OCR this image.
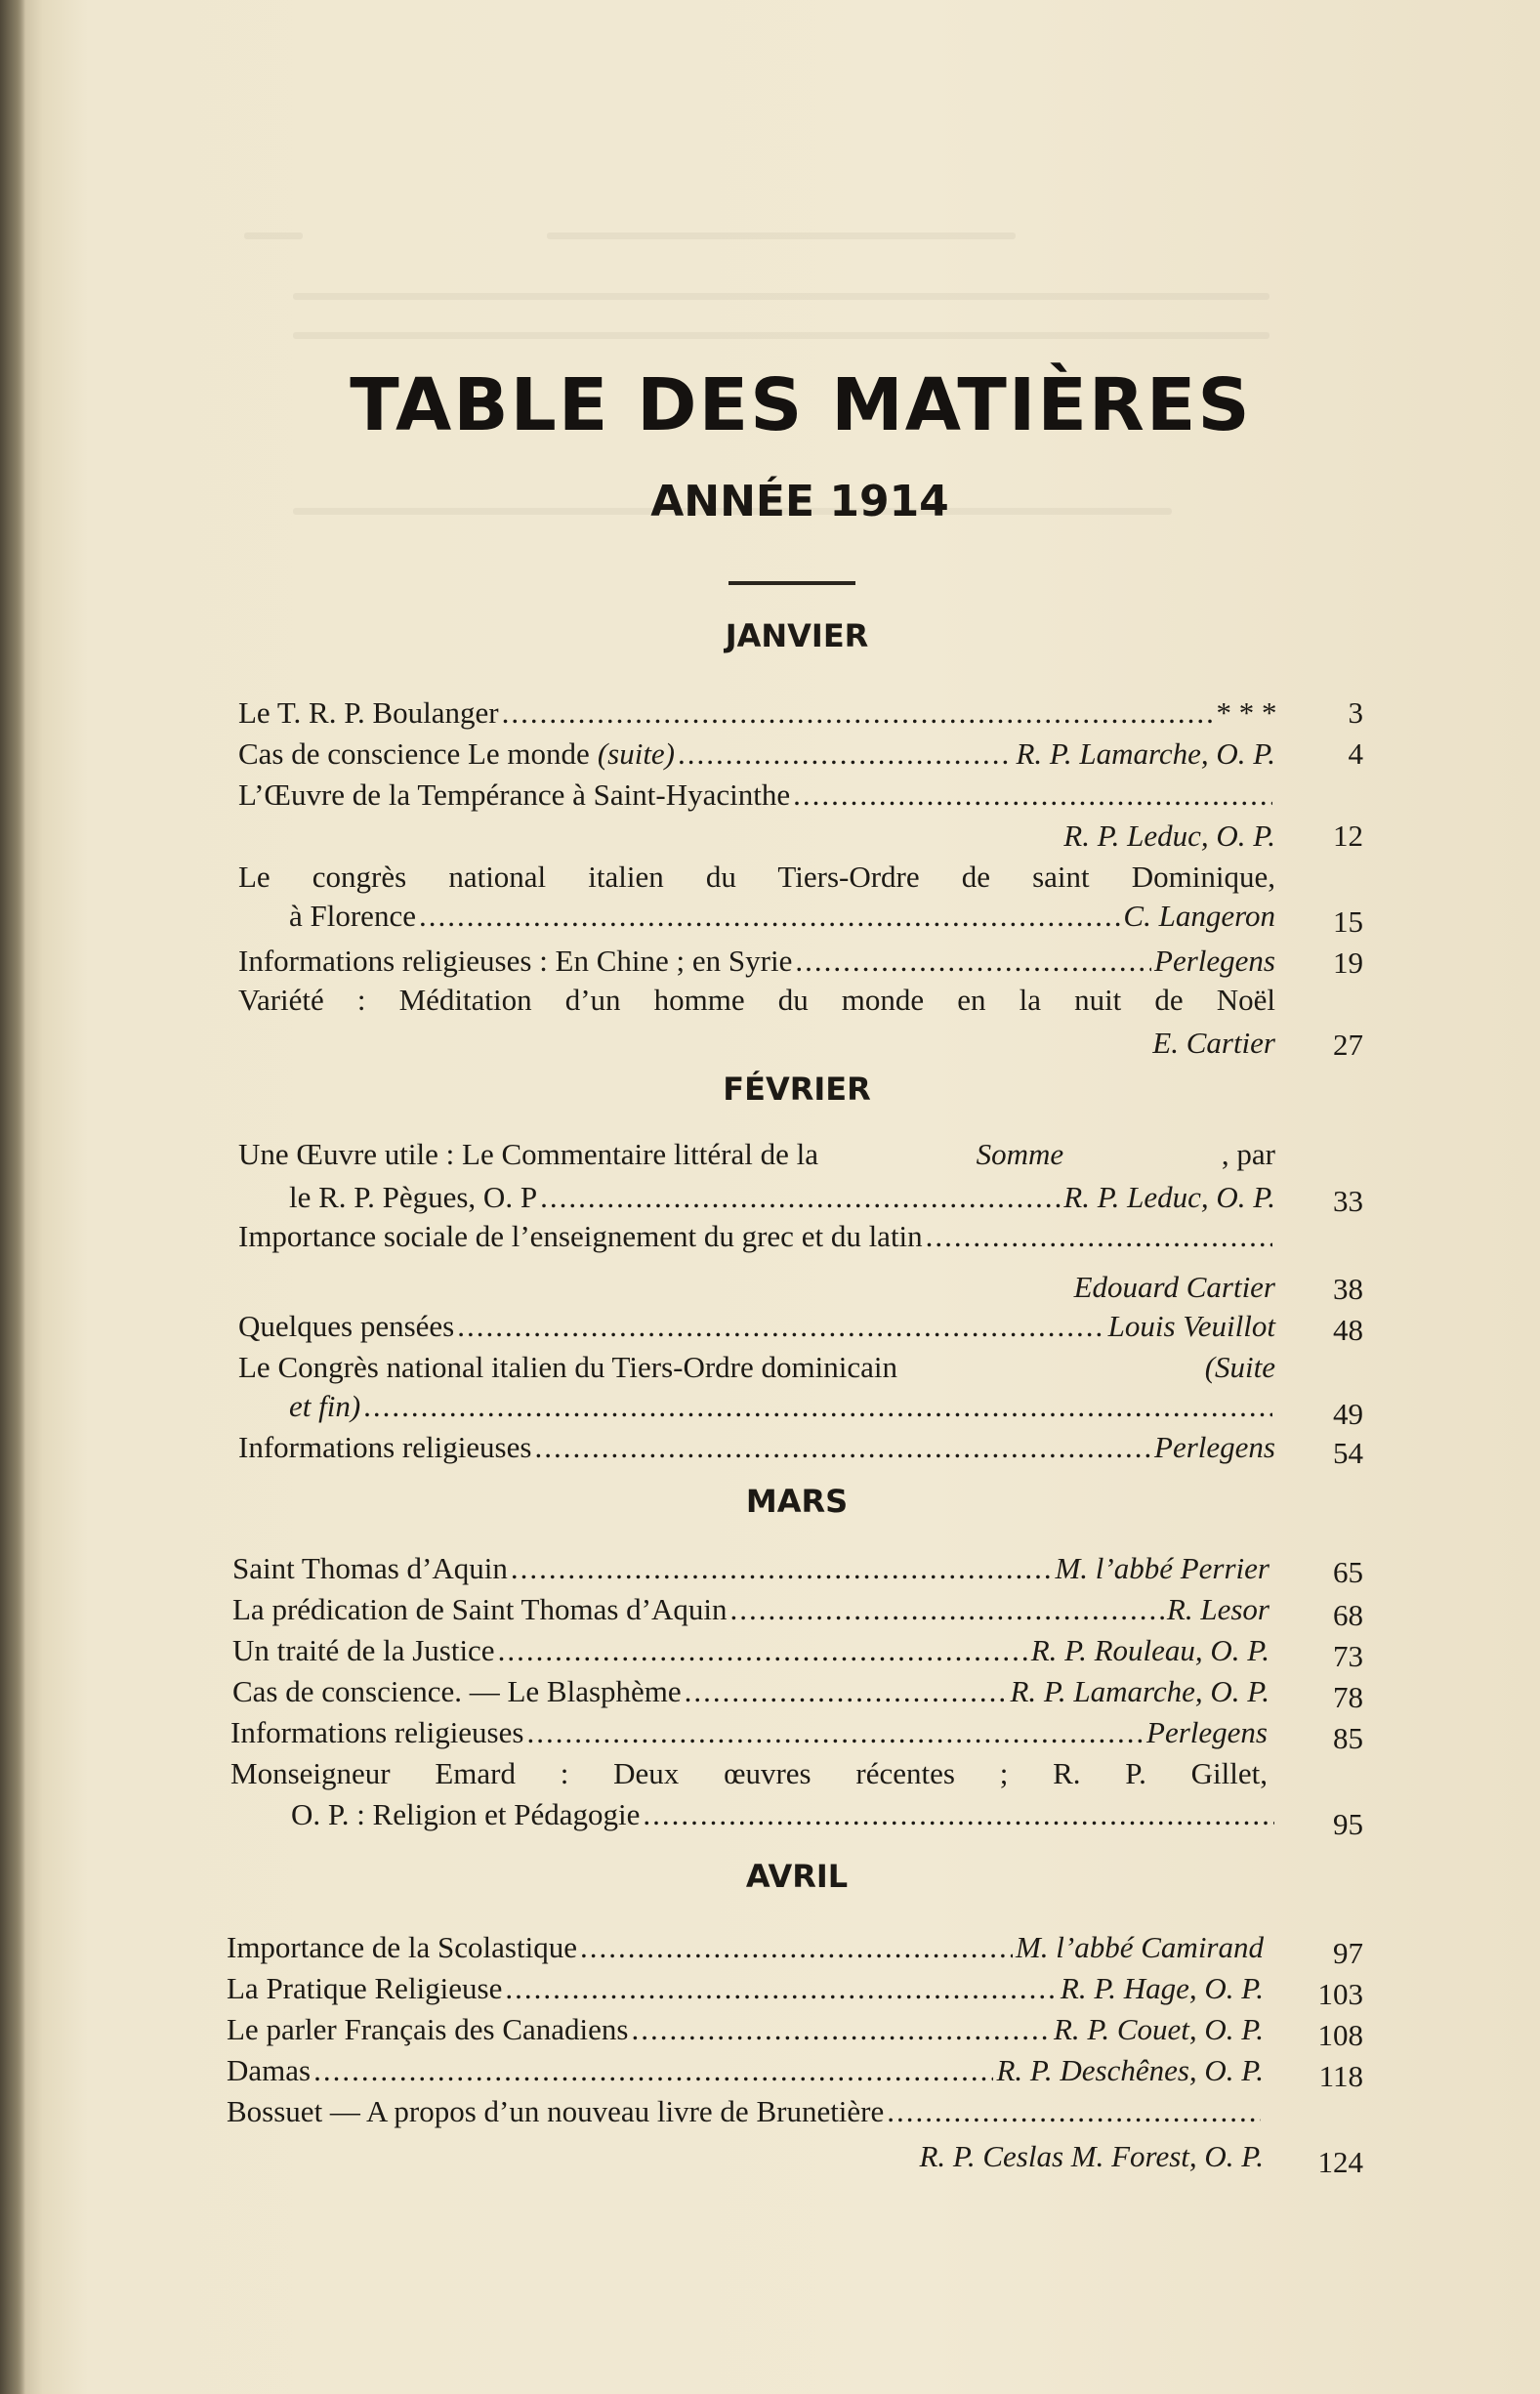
TABLE DES MATIÈRES
ANNÉE 1914
JANVIER
Le T. R. P. Boulanger .....	* * *	3
Cas de conscience Le monde (suite) .....	R. P. Lamarche, O. P.	4
L’Œuvre de la Tempérance à Saint-Hyacinthe
.....
R. P. Leduc, O. P.	12
Le congrès national italien du Tiers-Ordre de saint Dominique,
à Florence .....	C. Langeron	15
Informations religieuses : En Chine ; en Syrie .....	Perlegens	19
Variété : Méditation d’un homme du monde en la nuit de Noël
E. Cartier	27
FÉVRIER
Une Œuvre utile : Le Commentaire littéral de la	Somme	, par
le R. P. Pègues, O. P .....	R. P. Leduc, O. P.	33
Importance sociale de l’enseignement du grec et du latin
.....
Edouard Cartier	38
Quelques pensées .....	Louis Veuillot	48
Le Congrès national italien du Tiers-Ordre dominicain	(Suite
et fin) .....	49
Informations religieuses .....	Perlegens	54
MARS
Saint Thomas d’Aquin .....	M. l’abbé Perrier	65
La prédication de Saint Thomas d’Aquin .....	R. Lesor	68
Un traité de la Justice .....	R. P. Rouleau, O. P.	73
Cas de conscience. — Le Blasphème .....	R. P. Lamarche, O. P.	78
Informations religieuses .....	Perlegens	85
Monseigneur Emard : Deux œuvres récentes ; R. P. Gillet,
O. P. : Religion et Pédagogie .....	95
AVRIL
Importance de la Scolastique .....	M. l’abbé Camirand	97
La Pratique Religieuse .....	R. P. Hage, O. P.	103
Le parler Français des Canadiens .....	R. P. Couet, O. P.	108
Damas .....	R. P. Deschênes, O. P.	118
Bossuet — A propos d’un nouveau livre de Brunetière
.....
R. P. Ceslas M. Forest, O. P.	124
